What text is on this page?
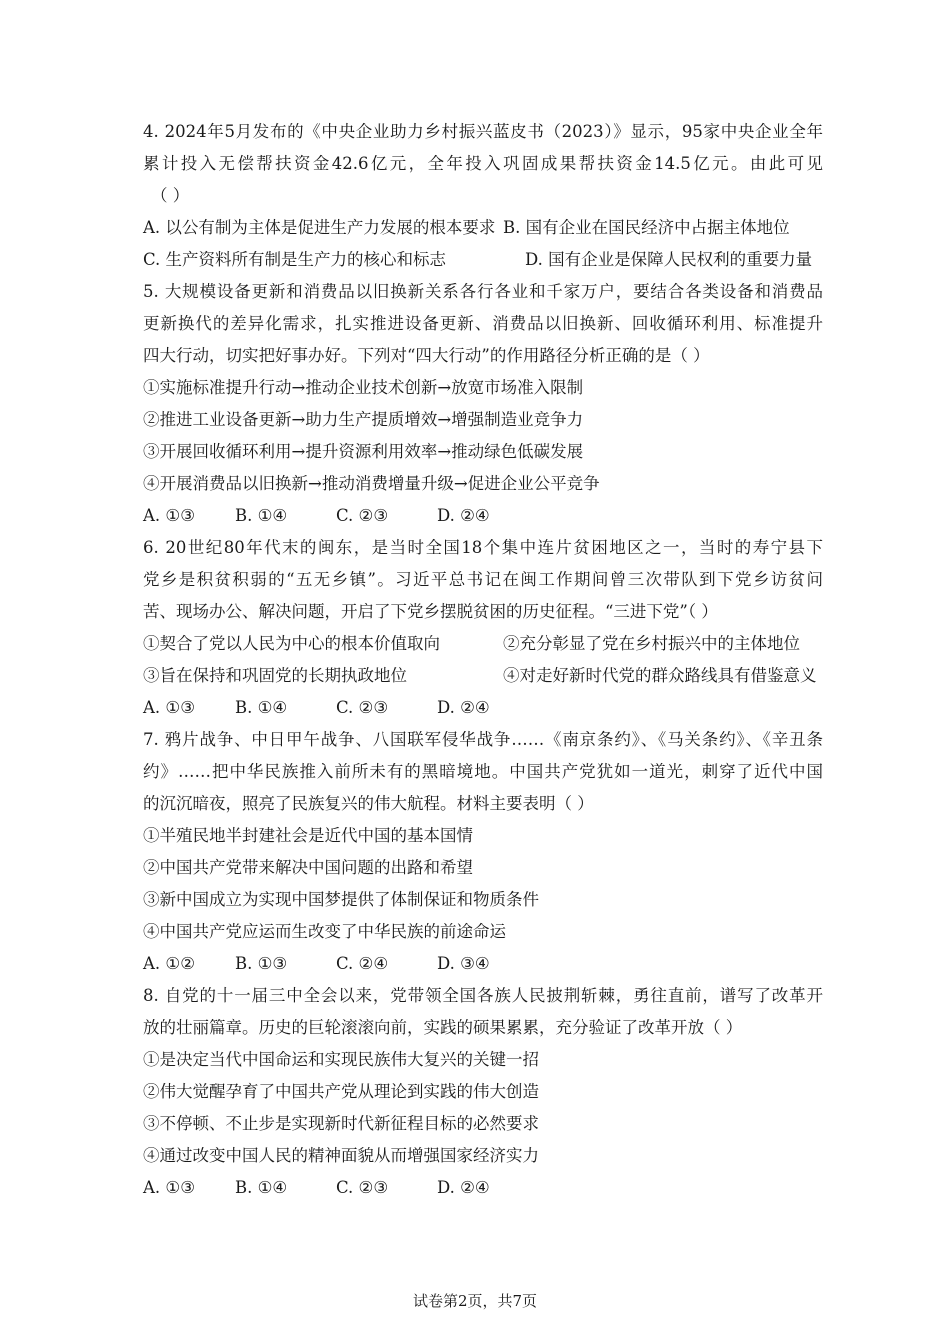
4. 2024年5月发布的《中央企业助力乡村振兴蓝皮书（2023）》显示，95家中央企业全年
累计投入无偿帮扶资金42.6亿元，全年投入巩固成果帮扶资金14.5亿元。由此可见
（ ）
A. 以公有制为主体是促进生产力发展的根本要求 B. 国有企业在国民经济中占据主体地位
C. 生产资料所有制是生产力的核心和标志	D. 国有企业是保障人民权利的重要力量
5. 大规模设备更新和消费品以旧换新关系各行各业和千家万户，要结合各类设备和消费品
更新换代的差异化需求，扎实推进设备更新、消费品以旧换新、回收循环利用、标准提升
四大行动，切实把好事办好。下列对“四大行动”的作用路径分析正确的是（ ）
①实施标准提升行动→推动企业技术创新→放宽市场准入限制
②推进工业设备更新→助力生产提质增效→增强制造业竞争力
③开展回收循环利用→提升资源利用效率→推动绿色低碳发展
④开展消费品以旧换新→推动消费增量升级→促进企业公平竞争
A. ①③ B. ①④	C. ②③	D. ②④
6. 20世纪80年代末的闽东，是当时全国18个集中连片贫困地区之一，当时的寿宁县下
党乡是积贫积弱的“五无乡镇”。习近平总书记在闽工作期间曾三次带队到下党乡访贫问
苦、现场办公、解决问题，开启了下党乡摆脱贫困的历史征程。“三进下党”（ ）
①契合了党以人民为中心的根本价值取向	②充分彰显了党在乡村振兴中的主体地位
③旨在保持和巩固党的长期执政地位	④对走好新时代党的群众路线具有借鉴意义
A. ①③ B. ①④	C. ②③	D. ②④
7. 鸦片战争、中日甲午战争、八国联军侵华战争……《南京条约》、《马关条约》、《辛丑条
约》……把中华民族推入前所未有的黑暗境地。中国共产党犹如一道光，刺穿了近代中国
的沉沉暗夜，照亮了民族复兴的伟大航程。材料主要表明（ ）
①半殖民地半封建社会是近代中国的基本国情
②中国共产党带来解决中国问题的出路和希望
③新中国成立为实现中国梦提供了体制保证和物质条件
④中国共产党应运而生改变了中华民族的前途命运
A. ①② B. ①③	C. ②④	D. ③④
8. 自党的十一届三中全会以来，党带领全国各族人民披荆斩棘，勇往直前，谱写了改革开
放的壮丽篇章。历史的巨轮滚滚向前，实践的硕果累累，充分验证了改革开放（ ）
①是决定当代中国命运和实现民族伟大复兴的关键一招
②伟大觉醒孕育了中国共产党从理论到实践的伟大创造
③不停顿、不止步是实现新时代新征程目标的必然要求
④通过改变中国人民的精神面貌从而增强国家经济实力
A. ①③ B. ①④	C. ②③	D. ②④
试卷第2页，共7页
